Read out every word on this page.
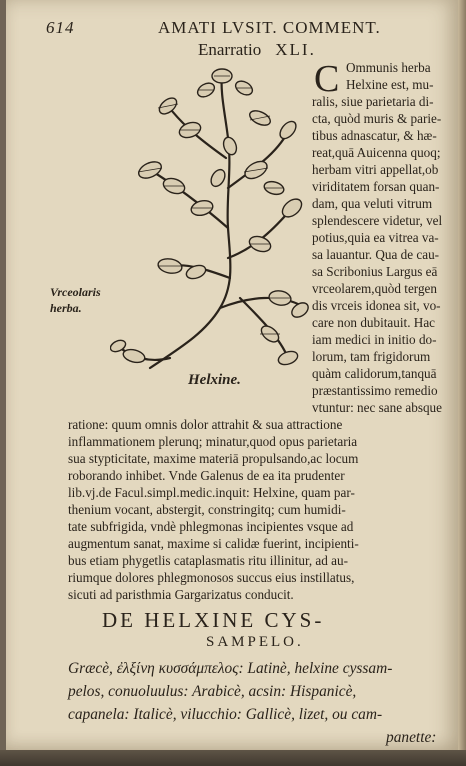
614	AMATI LVSIT. COMMENT.
Enarratio XLI.
Vrceolaris
herba.
Helxine.
C Ommunis herba
Helxine est, mu-
ralis, siue parietaria di-
cta, quòd muris & parie-
tibus adnascatur, & hæ-
reat,quā Auicenna quoq;
herbam vitri appellat,ob
viriditatem forsan quan-
dam, qua veluti vitrum
splendescere videtur, vel
potius,quia ea vitrea va-
sa lauantur. Qua de cau-
sa Scribonius Largus eā
vrceolarem,quòd tergen
dis vrceis idonea sit, vo-
care non dubitauit. Hac
iam medici in initio do-
lorum, tam frigidorum
quàm calidorum,tanquā
præstantissimo remedio
vtuntur: nec sane absque
ratione: quum omnis dolor attrahit & sua attractione
inflammationem plerunq; minatur,quod opus parietaria
sua stypticitate, maxime materiā propulsando,ac locum
roborando inhibet. Vnde Galenus de ea ita prudenter
lib.vj.de Facul.simpl.medic.inquit: Helxine, quam par-
thenium vocant, abstergit, constringitq; cum humidi-
tate subfrigida, vndè phlegmonas incipientes vsque ad
augmentum sanat, maxime si calidæ fuerint, incipienti-
bus etiam phygetlis cataplasmatis ritu illinitur, ad au-
riumque dolores phlegmonosos succus eius instillatus,
sicuti ad paristhmia Gargarizatus conducit.
DE HELXINE CYS-
SAMPELO.
Græcè, ἐλξίνη κυσσάμπελος: Latinè, helxine cyssam-
pelos, conuoluulus: Arabicè, acsin: Hispanicè,
capanela: Italicè, vilucchio: Gallicè, lizet, ou cam-
panette:
